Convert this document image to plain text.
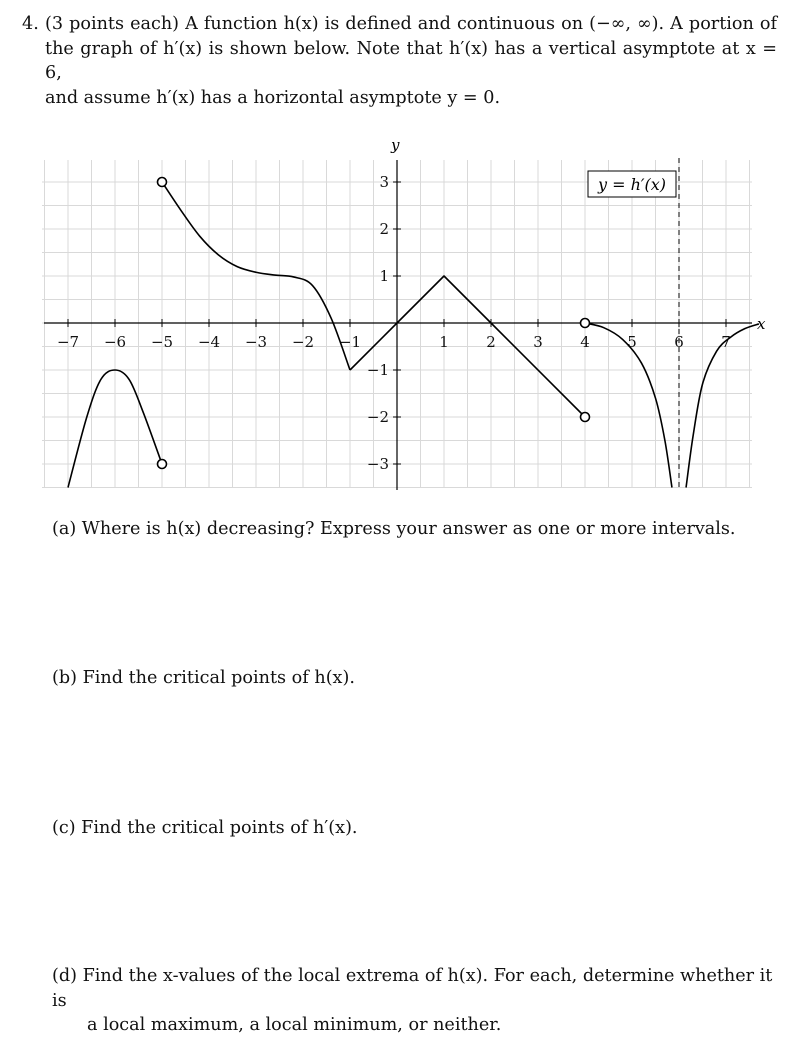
4. (3 points each) A function h(x) is defined and continuous on (−∞, ∞). A portion of
the graph of h′(x) is shown below. Note that h′(x) has a vertical asymptote at x = 6,
and assume h′(x) has a horizontal asymptote y = 0.
−7 −6 −5 −4 −3 −2 −1	1 2 3 4 5 6 7
−3
−2
−1
1
2
3
x
y
y = h′(x)
(a) Where is h(x) decreasing? Express your answer as one or more intervals.
(b) Find the critical points of h(x).
(c) Find the critical points of h′(x).
(d) Find the x-values of the local extrema of h(x). For each, determine whether it is
a local maximum, a local minimum, or neither.
